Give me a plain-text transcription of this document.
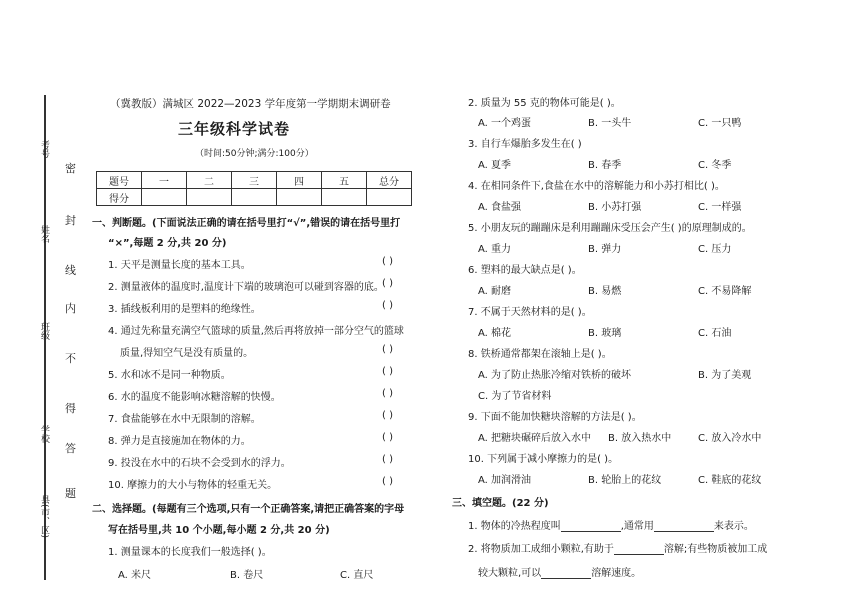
考号
姓名
班级
学校
县(市、区)
密
封
线
内
不
得
答
题
（冀教版）满城区 2022—2023 学年度第一学期期末调研卷
三年级科学试卷
（时间:50分钟;满分:100分）
题号	一	二	三	四	五	总分
得分						
一、判断题。(下面说法正确的请在括号里打“√”,错误的请在括号里打
“×”,每题 2 分,共 20 分)
1. 天平是测量长度的基本工具。	( )
2. 测量液体的温度时,温度计下端的玻璃泡可以碰到容器的底。
( )
3. 插线板利用的是塑料的绝缘性。	( )
4. 通过先称量充满空气篮球的质量,然后再将放掉一部分空气的篮球
质量,得知空气是没有质量的。	( )
5. 水和冰不是同一种物质。	( )
6. 水的温度不能影响冰糖溶解的快慢。	( )
7. 食盐能够在水中无限制的溶解。	( )
8. 弹力是直接施加在物体的力。	( )
9. 投没在水中的石块不会受到水的浮力。	( )
10. 摩擦力的大小与物体的轻重无关。	( )
二、选择题。(每题有三个选项,只有一个正确答案,请把正确答案的字母
写在括号里,共 10 个小题,每小题 2 分,共 20 分)
1. 测量课本的长度我们一般选择( )。
A. 米尺	B. 卷尺	C. 直尺
2. 质量为 55 克的物体可能是( )。
A. 一个鸡蛋	B. 一头牛	C. 一只鸭
3. 自行车爆胎多发生在( )
A. 夏季	B. 春季	C. 冬季
4. 在相同条件下,食盐在水中的溶解能力和小苏打相比( )。
A. 食盐强	B. 小苏打强	C. 一样强
5. 小朋友玩的蹦蹦床是利用蹦蹦床受压会产生( )的原理制成的。
A. 重力	B. 弹力	C. 压力
6. 塑料的最大缺点是( )。
A. 耐磨	B. 易燃	C. 不易降解
7. 不属于天然材料的是( )。
A. 棉花	B. 玻璃	C. 石油
8. 铁桥通常都架在滚轴上是( )。
A. 为了防止热胀冷缩对铁桥的破坏	B. 为了美观
C. 为了节省材料
9. 下面不能加快糖块溶解的方法是( )。
A. 把糖块碾碎后放入水中 B. 放入热水中	C. 放入冷水中
10. 下列属于减小摩擦力的是( )。
A. 加润滑油	B. 轮胎上的花纹	C. 鞋底的花纹
三、填空题。(22 分)
1. 物体的冷热程度叫	,通常用	来表示。
2. 将物质加工成细小颗粒,有助于	溶解;有些物质被加工成
较大颗粒,可以	溶解速度。
